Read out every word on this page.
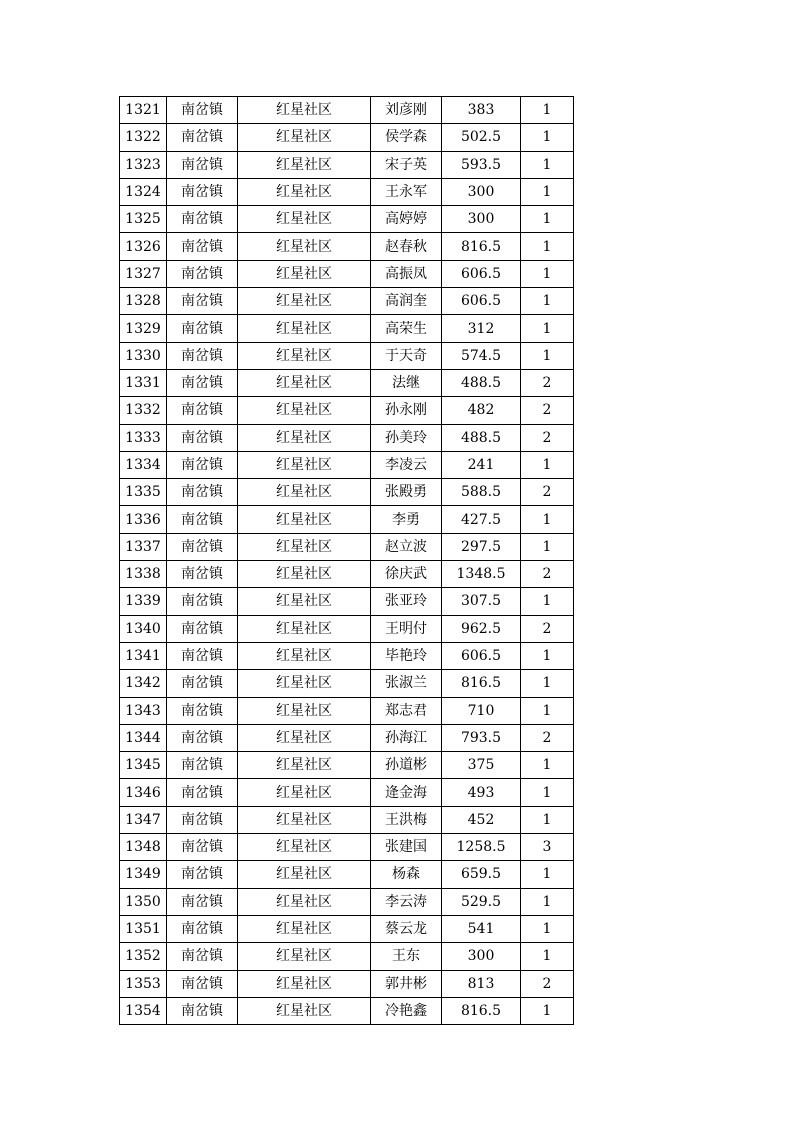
1321	南岔镇	红星社区	刘彦刚	383	1
1322	南岔镇	红星社区	侯学森	502.5	1
1323	南岔镇	红星社区	宋子英	593.5	1
1324	南岔镇	红星社区	王永军	300	1
1325	南岔镇	红星社区	高婷婷	300	1
1326	南岔镇	红星社区	赵春秋	816.5	1
1327	南岔镇	红星社区	高振凤	606.5	1
1328	南岔镇	红星社区	高润奎	606.5	1
1329	南岔镇	红星社区	高荣生	312	1
1330	南岔镇	红星社区	于天奇	574.5	1
1331	南岔镇	红星社区	法继	488.5	2
1332	南岔镇	红星社区	孙永刚	482	2
1333	南岔镇	红星社区	孙美玲	488.5	2
1334	南岔镇	红星社区	李凌云	241	1
1335	南岔镇	红星社区	张殿勇	588.5	2
1336	南岔镇	红星社区	李勇	427.5	1
1337	南岔镇	红星社区	赵立波	297.5	1
1338	南岔镇	红星社区	徐庆武	1348.5	2
1339	南岔镇	红星社区	张亚玲	307.5	1
1340	南岔镇	红星社区	王明付	962.5	2
1341	南岔镇	红星社区	毕艳玲	606.5	1
1342	南岔镇	红星社区	张淑兰	816.5	1
1343	南岔镇	红星社区	郑志君	710	1
1344	南岔镇	红星社区	孙海江	793.5	2
1345	南岔镇	红星社区	孙道彬	375	1
1346	南岔镇	红星社区	逄金海	493	1
1347	南岔镇	红星社区	王洪梅	452	1
1348	南岔镇	红星社区	张建国	1258.5	3
1349	南岔镇	红星社区	杨森	659.5	1
1350	南岔镇	红星社区	李云涛	529.5	1
1351	南岔镇	红星社区	蔡云龙	541	1
1352	南岔镇	红星社区	王东	300	1
1353	南岔镇	红星社区	郭井彬	813	2
1354	南岔镇	红星社区	冷艳鑫	816.5	1
